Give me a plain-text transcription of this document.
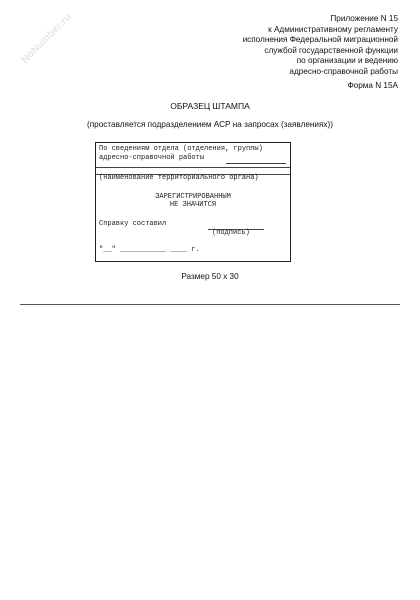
NoNumber.ru	Приложение N 15
к Административному регламенту
исполнения Федеральной миграционной
службой государственной функции
по организации и ведению
адресно-справочной работы
Форма N 15А
ОБРАЗЕЦ ШТАМПА
(проставляется подразделением АСР на запросах (заявлениях))
По сведениям отдела (отделения, группы)
адресно-справочной работы
(наименование территориального органа)
ЗАРЕГИСТРИРОВАННЫМ
НЕ ЗНАЧИТСЯ
Справку составил
(подпись)
"__" ___________ ____ г.
Размер 50 х 30
